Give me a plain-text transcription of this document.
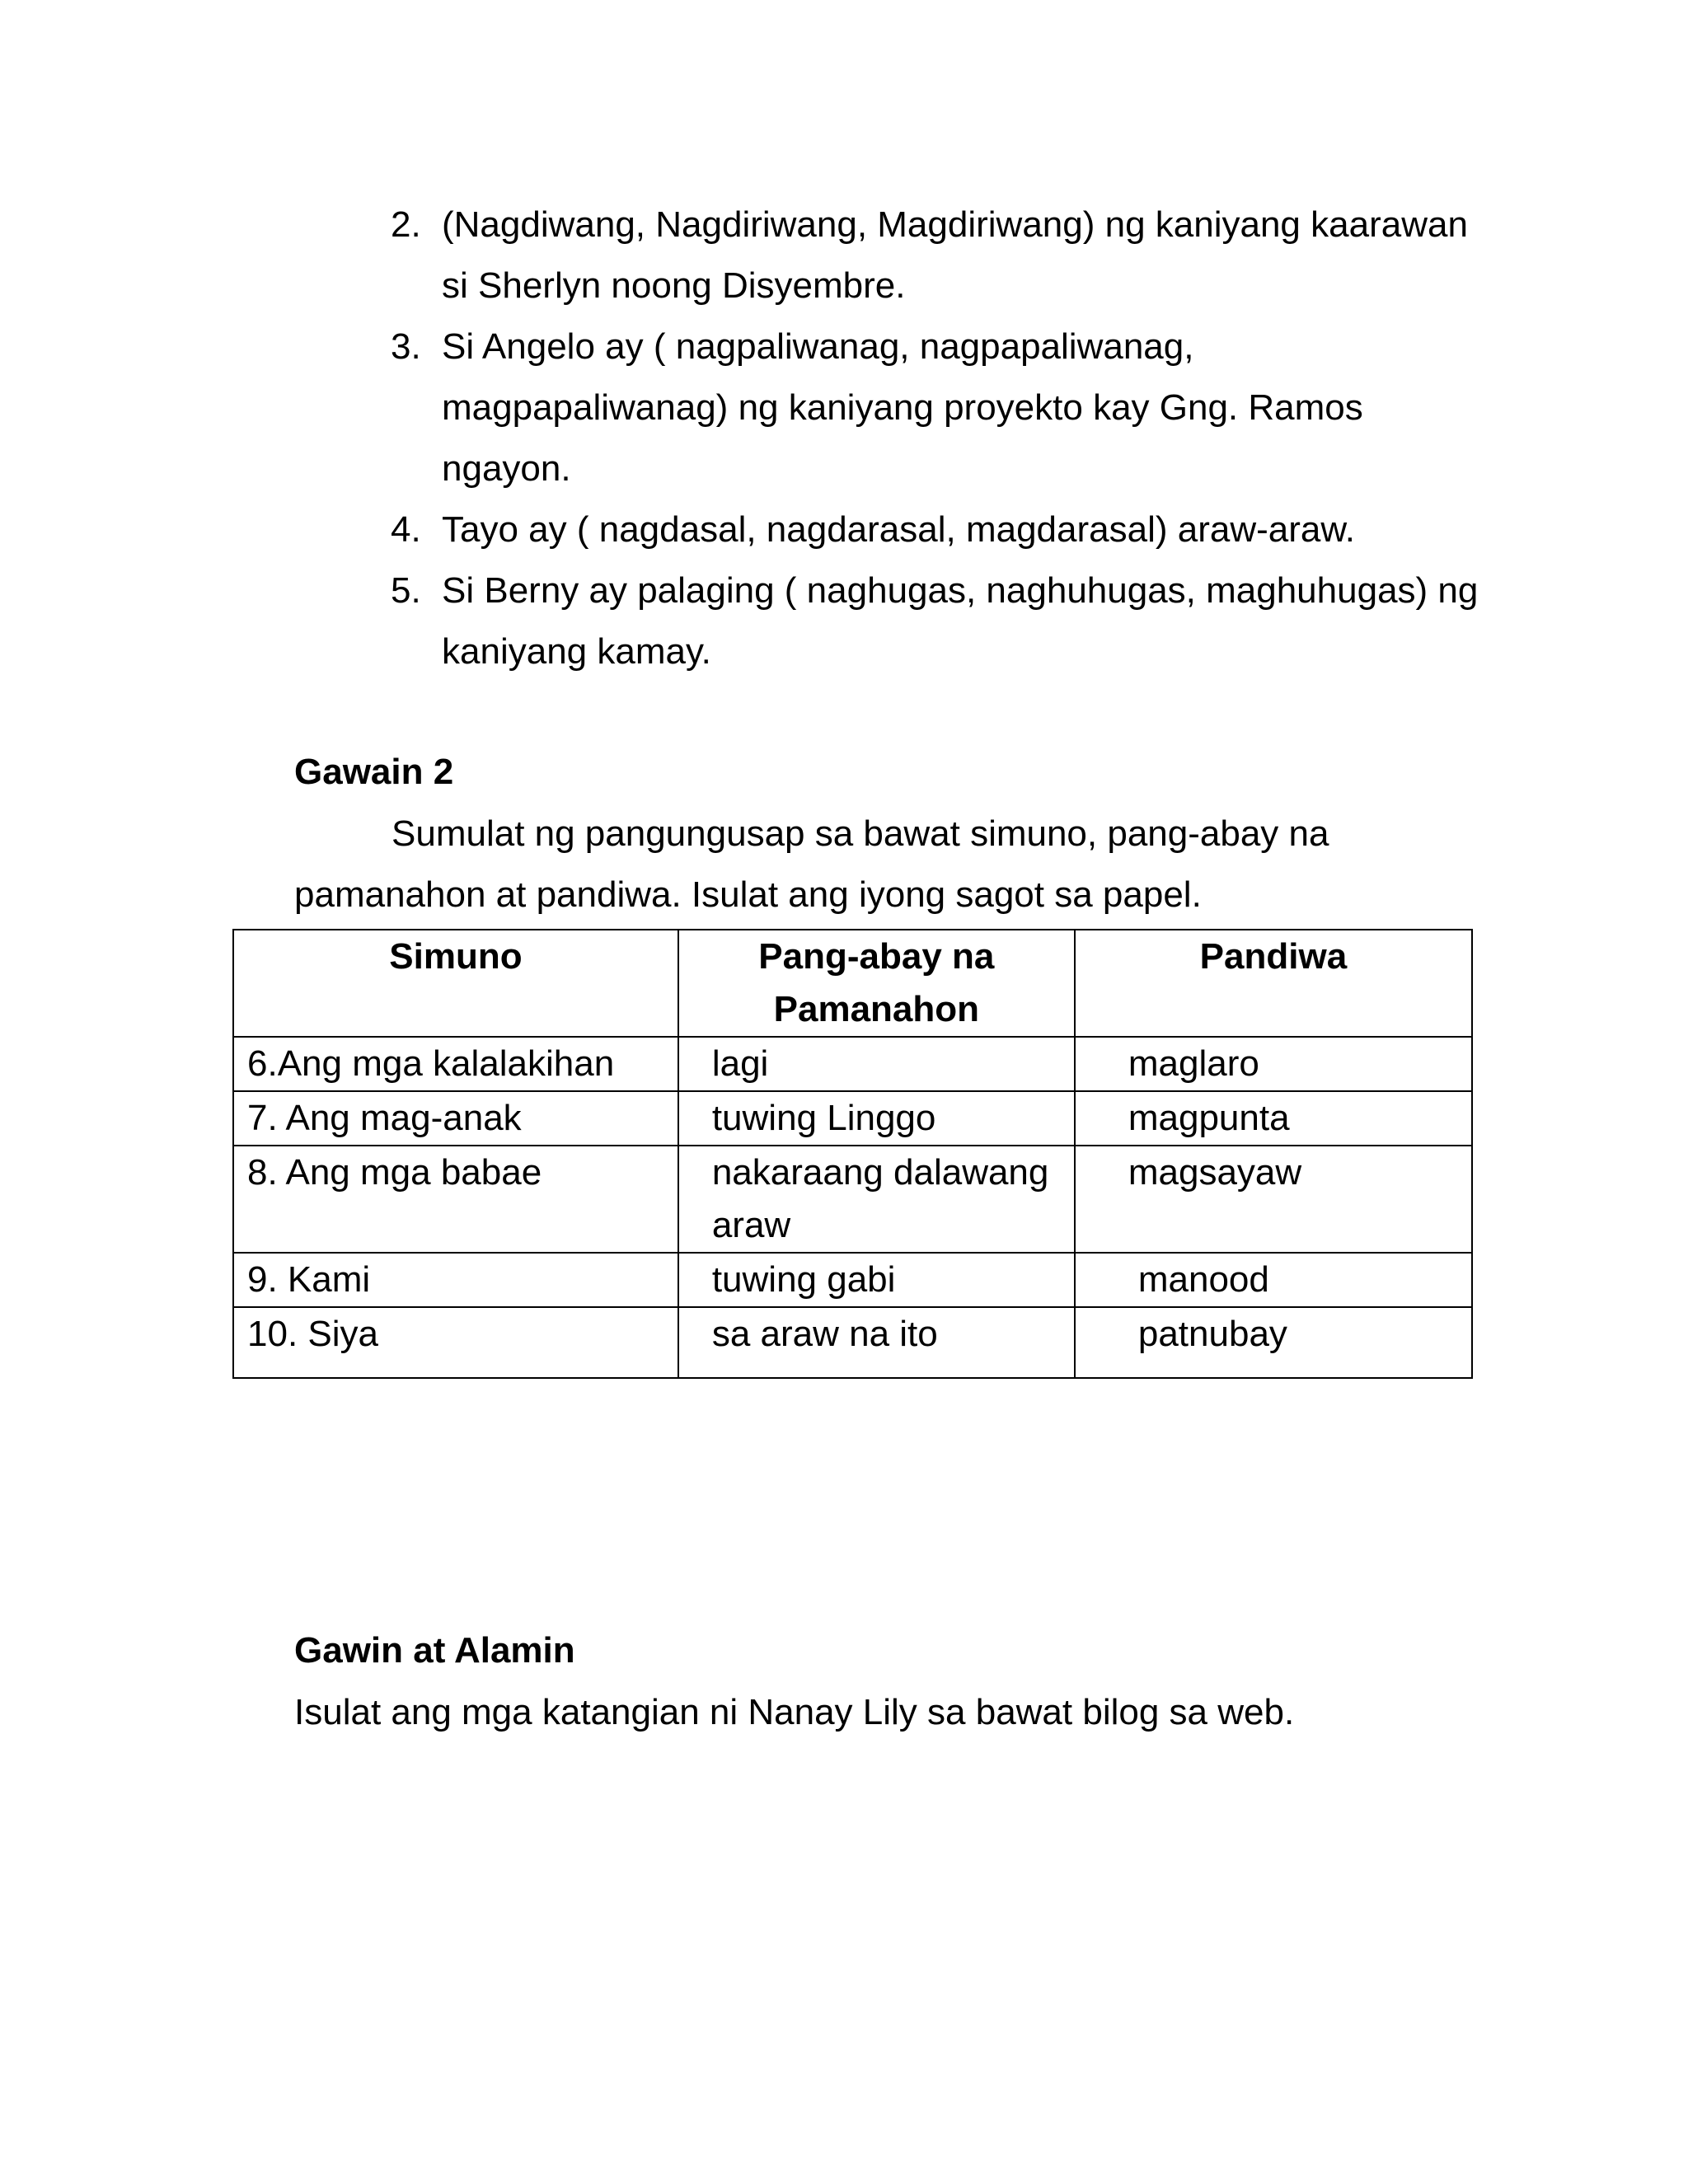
2. (Nagdiwang, Nagdiriwang, Magdiriwang) ng kaniyang kaarawan si Sherlyn noong Disyembre.
3. Si Angelo ay ( nagpaliwanag, nagpapaliwanag, magpapaliwanag) ng kaniyang proyekto kay Gng. Ramos ngayon.
4. Tayo ay ( nagdasal, nagdarasal, magdarasal) araw-araw.
5. Si Berny ay palaging ( naghugas, naghuhugas, maghuhugas) ng kaniyang kamay.
Gawain 2

Sumulat ng pangungusap sa bawat simuno, pang-abay na pamanahon at pandiwa. Isulat ang iyong sagot sa papel.

Simuno	Pang-abay na Pamanahon	Pandiwa
6.Ang mga kalalakihan	lagi	maglaro
7. Ang mag-anak	tuwing Linggo	magpunta
8. Ang mga babae	nakaraang dalawang araw	magsayaw
9. Kami	tuwing gabi	manood
10. Siya	sa araw na ito	patnubay
Gawin at Alamin

Isulat ang mga katangian ni Nanay Lily sa bawat bilog sa web.
